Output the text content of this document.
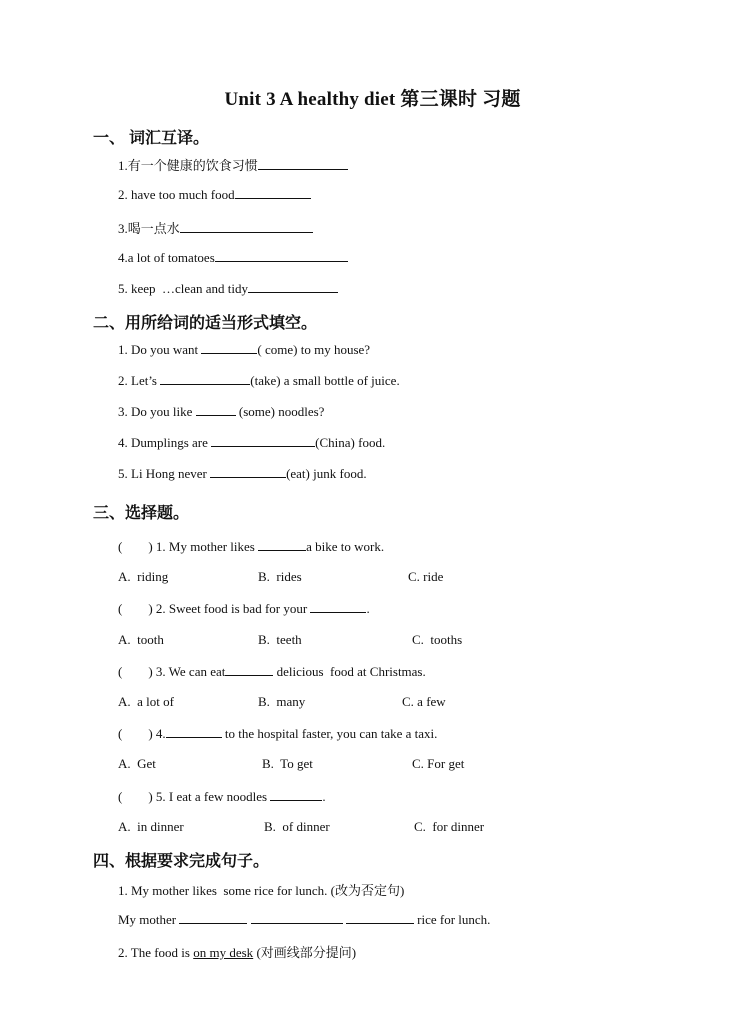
Unit 3 A healthy diet 第三课时 习题
一、 词汇互译。
1.有一个健康的饮食习惯
2. have too much food
3.喝一点水
4.a lot of tomatoes
5. keep  …clean and tidy
二、用所给词的适当形式填空。
1. Do you want	( come) to my house?
2. Let’s	(take) a small bottle of juice.
3. Do you like	(some) noodles?
4. Dumplings are	(China) food.
5. Li Hong never	(eat) junk food.
三、选择题。
(        ) 1. My mother likes	a bike to work.
A.  riding	B.  rides	C. ride
(        ) 2. Sweet food is bad for your	.
A.  tooth	B.  teeth	C.  tooths
(        ) 3. We can eat	delicious  food at Christmas.
A.  a lot of	B.  many	C. a few
(        ) 4.	to the hospital faster, you can take a taxi.
A.  Get	B.  To get	C. For get
(        ) 5. I eat a few noodles	.
A.  in dinner	B.  of dinner	C.  for dinner
四、根据要求完成句子。
1. My mother likes  some rice for lunch. (改为否定句)
My mother	rice for lunch.
2. The food is on my desk (对画线部分提问)
